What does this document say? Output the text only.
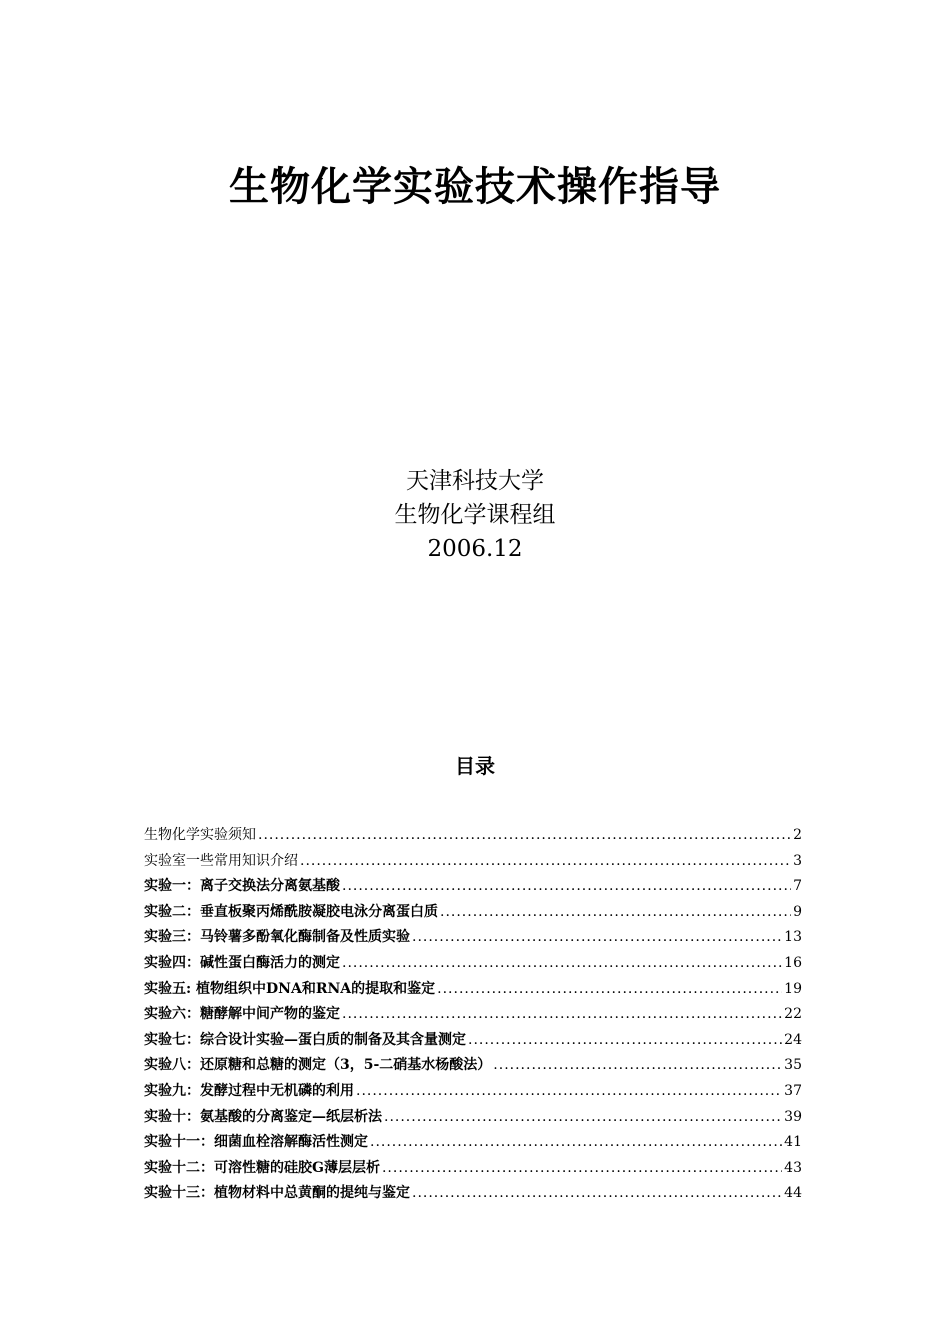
生物化学实验技术操作指导
天津科技大学
生物化学课程组
2006.12
目录
生物化学实验须知 .....	2
实验室一些常用知识介绍 .....	3
实验一：离子交换法分离氨基酸 .....	7
实验二：垂直板聚丙烯酰胺凝胶电泳分离蛋白质 .....	9
实验三：马铃薯多酚氧化酶制备及性质实验 .....	13
实验四：碱性蛋白酶活力的测定 .....	16
实验五: 植物组织中DNA和RNA的提取和鉴定 .....	19
实验六：糖酵解中间产物的鉴定 .....	22
实验七：综合设计实验—蛋白质的制备及其含量测定 .....	24
实验八：还原糖和总糖的测定（3，5-二硝基水杨酸法） .....	35
实验九：发酵过程中无机磷的利用 .....	37
实验十：氨基酸的分离鉴定—纸层析法 .....	39
实验十一：细菌血栓溶解酶活性测定 .....	41
实验十二：可溶性糖的硅胶G薄层层析 .....	43
实验十三：植物材料中总黄酮的提纯与鉴定 .....	44
